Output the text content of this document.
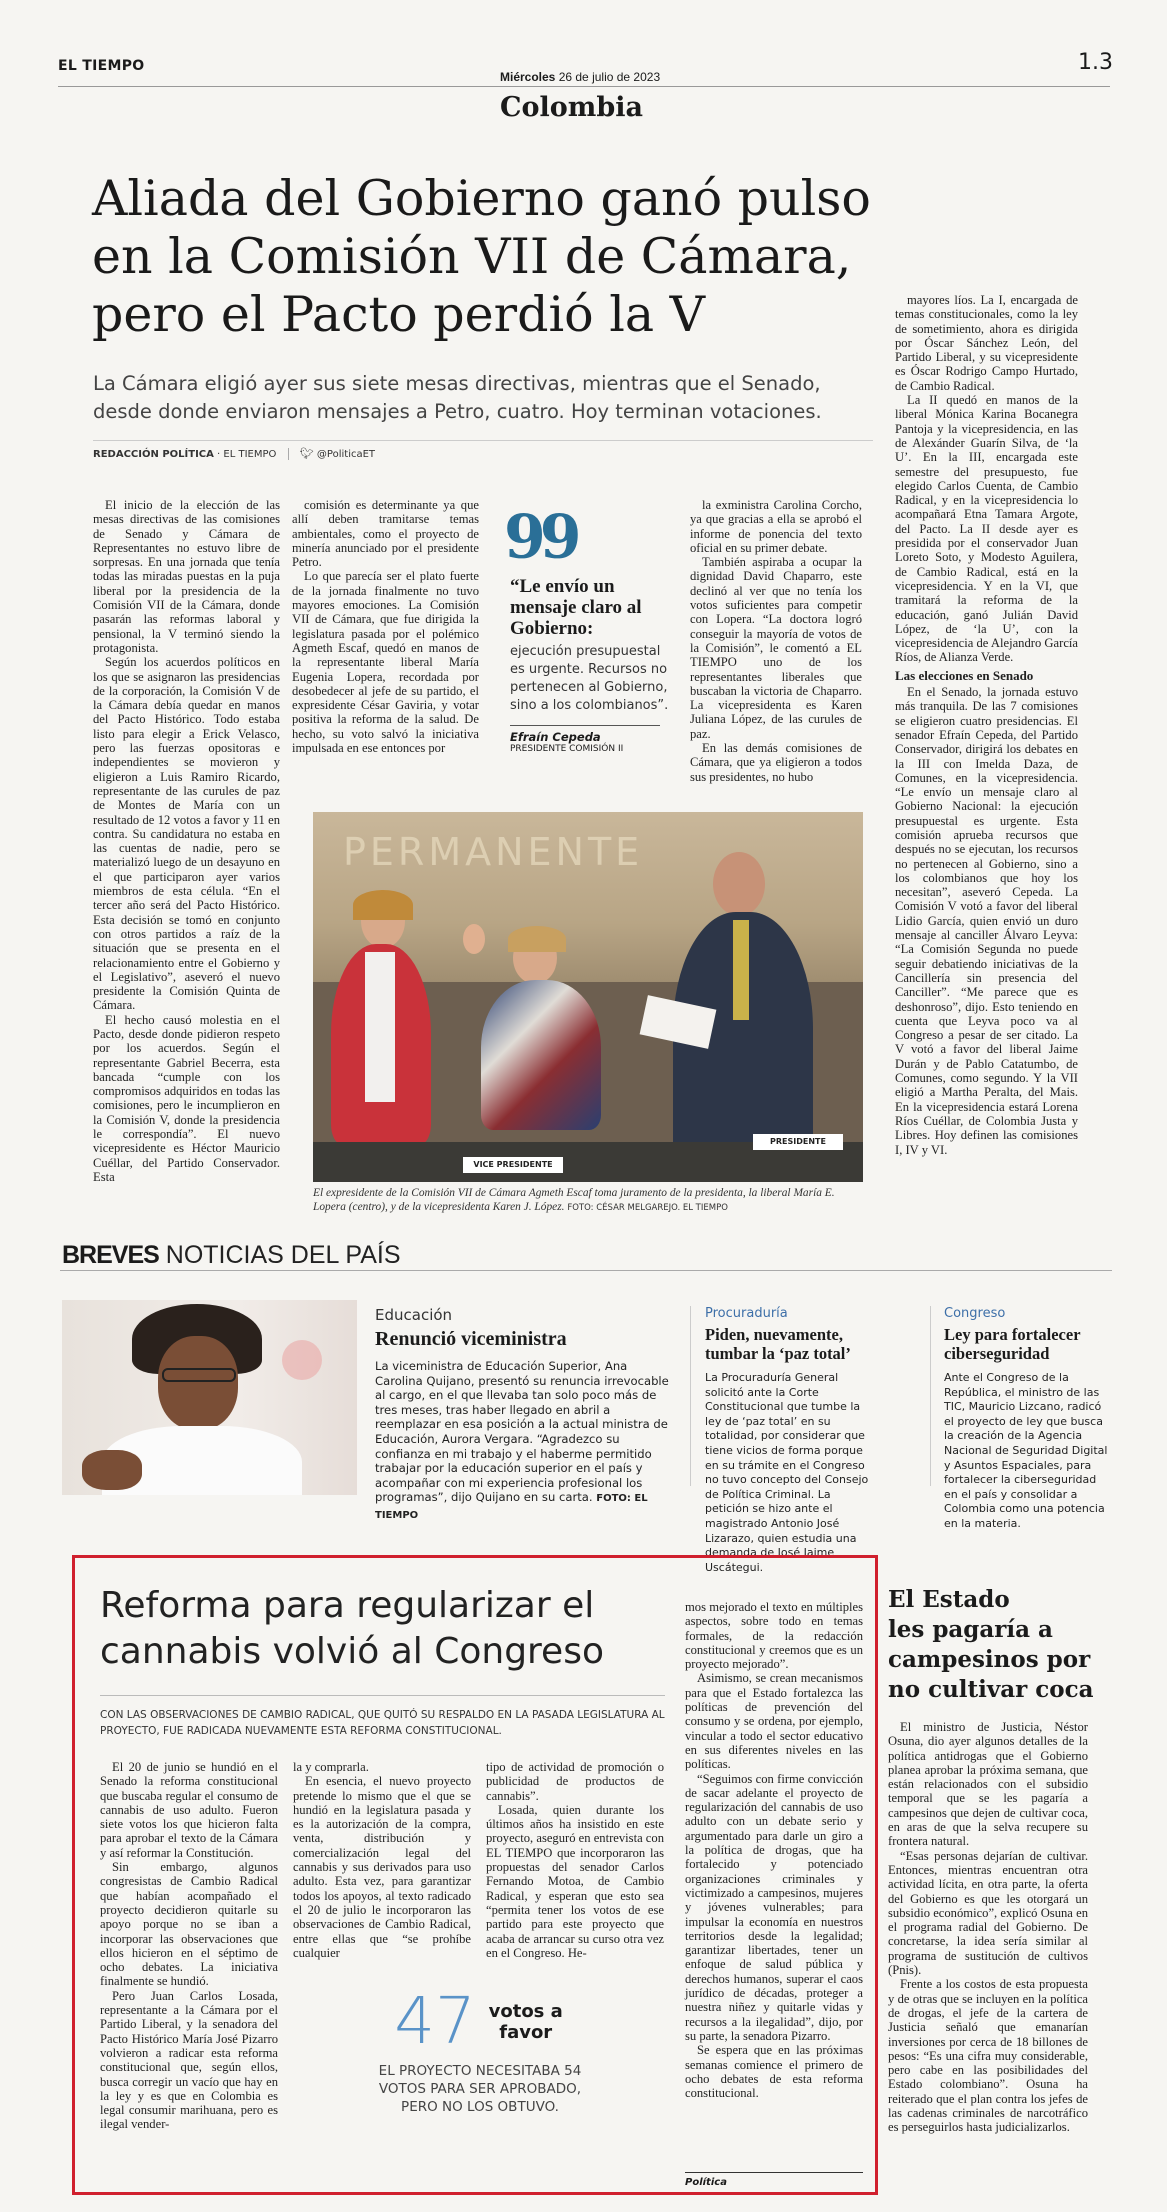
EL TIEMPO
Miércoles 26 de julio de 2023
1.3
Colombia
Aliada del Gobierno ganó pulso
en la Comisión VII de Cámara,
pero el Pacto perdió la V
La Cámara eligió ayer sus siete mesas directivas, mientras que el Senado,
desde donde enviaron mensajes a Petro, cuatro. Hoy terminan votaciones.
REDACCIÓN POLÍTICA · EL TIEMPO 🐦︎ @PoliticaET

El inicio de la elección de las mesas directivas de las comisiones de Senado y Cámara de Representantes no estuvo libre de sorpresas. En una jornada que tenía todas las miradas puestas en la puja liberal por la presidencia de la Comisión VII de la Cámara, donde pasarán las reformas laboral y pensional, la V terminó siendo la protagonista.

Según los acuerdos políticos en los que se asignaron las presidencias de la corporación, la Comisión V de la Cámara debía quedar en manos del Pacto Histórico. Todo estaba listo para elegir a Erick Velasco, pero las fuerzas opositoras e independientes se movieron y eligieron a Luis Ramiro Ricardo, representante de las curules de paz de Montes de María con un resultado de 12 votos a favor y 11 en contra. Su candidatura no estaba en las cuentas de nadie, pero se materializó luego de un desayuno en el que participaron ayer varios miembros de esta célula. “En el tercer año será del Pacto Histórico. Esta decisión se tomó en conjunto con otros partidos a raíz de la situación que se presenta en el relacionamiento entre el Gobierno y el Legislativo”, aseveró el nuevo presidente la Comisión Quinta de Cámara.

El hecho causó molestia en el Pacto, desde donde pidieron respeto por los acuerdos. Según el representante Gabriel Becerra, esta bancada “cumple con los compromisos adquiridos en todas las comisiones, pero le incumplieron en la Comisión V, donde la presidencia le correspondía”. El nuevo vicepresidente es Héctor Mauricio Cuéllar, del Partido Conservador. Esta

comisión es determinante ya que allí deben tramitarse temas ambientales, como el proyecto de minería anunciado por el presidente Petro.

Lo que parecía ser el plato fuerte de la jornada finalmente no tuvo mayores emociones. La Comisión VII de Cámara, que fue dirigida la legislatura pasada por el polémico Agmeth Escaf, quedó en manos de la representante liberal María Eugenia Lopera, recordada por desobedecer al jefe de su partido, el expresidente César Gaviria, y votar positiva la reforma de la salud. De hecho, su voto salvó la iniciativa impulsada en ese entonces por

66
“Le envío un mensaje claro al Gobierno:
ejecución presupuestal es urgente. Recursos no pertenecen al Gobierno, sino a los colombianos”.
Efraín Cepeda
PRESIDENTE COMISIÓN II

la exministra Carolina Corcho, ya que gracias a ella se aprobó el informe de ponencia del texto oficial en su primer debate.

También aspiraba a ocupar la dignidad David Chaparro, este declinó al ver que no tenía los votos suficientes para competir con Lopera. “La doctora logró conseguir la mayoría de votos de la Comisión”, le comentó a EL TIEMPO uno de los representantes liberales que buscaban la victoria de Chaparro. La vicepresidenta es Karen Juliana López, de las curules de paz.

En las demás comisiones de Cámara, que ya eligieron a todos sus presidentes, no hubo

mayores líos. La I, encargada de temas constitucionales, como la ley de sometimiento, ahora es dirigida por Óscar Sánchez León, del Partido Liberal, y su vicepresidente es Óscar Rodrigo Campo Hurtado, de Cambio Radical.

La II quedó en manos de la liberal Mónica Karina Bocanegra Pantoja y la vicepresidencia, en las de Alexánder Guarín Silva, de ‘la U’. En la III, encargada este semestre del presupuesto, fue elegido Carlos Cuenta, de Cambio Radical, y en la vicepresidencia lo acompañará Etna Tamara Argote, del Pacto. La II desde ayer es presidida por el conservador Juan Loreto Soto, y Modesto Aguilera, de Cambio Radical, está en la vicepresidencia. Y en la VI, que tramitará la reforma de la educación, ganó Julián David López, de ‘la U’, con la vicepresidencia de Alejandro García Ríos, de Alianza Verde.

Las elecciones en Senado

En el Senado, la jornada estuvo más tranquila. De las 7 comisiones se eligieron cuatro presidencias. El senador Efraín Cepeda, del Partido Conservador, dirigirá los debates en la III con Imelda Daza, de Comunes, en la vicepresidencia. “Le envío un mensaje claro al Gobierno Nacional: la ejecución presupuestal es urgente. Esta comisión aprueba recursos que después no se ejecutan, los recursos no pertenecen al Gobierno, sino a los colombianos que hoy los necesitan”, aseveró Cepeda. La Comisión V votó a favor del liberal Lidio García, quien envió un duro mensaje al canciller Álvaro Leyva: “La Comisión Segunda no puede seguir debatiendo iniciativas de la Cancillería sin presencia del Canciller”. “Me parece que es deshonroso”, dijo. Esto teniendo en cuenta que Leyva poco va al Congreso a pesar de ser citado. La V votó a favor del liberal Jaime Durán y de Pablo Catatumbo, de Comunes, como segundo. Y la VII eligió a Martha Peralta, del Mais. En la vicepresidencia estará Lorena Ríos Cuéllar, de Colombia Justa y Libres. Hoy definen las comisiones I, IV y VI.

PERMANENTE
VICE PRESIDENTE
PRESIDENTE
El expresidente de la Comisión VII de Cámara Agmeth Escaf toma juramento de la presidenta, la liberal María E. Lopera (centro), y de la vicepresidenta Karen J. López. FOTO: CÉSAR MELGAREJO. EL TIEMPO
BREVES NOTICIAS DEL PAÍS
Educación
Renunció viceministra
La viceministra de Educación Superior, Ana Carolina Quijano, presentó su renuncia irrevocable al cargo, en el que llevaba tan solo poco más de tres meses, tras haber llegado en abril a reemplazar en esa posición a la actual ministra de Educación, Aurora Vergara. “Agradezco su confianza en mi trabajo y el haberme permitido trabajar por la educación superior en el país y acompañar con mi experiencia profesional los programas”, dijo Quijano en su carta. FOTO: EL TIEMPO
Procuraduría
Piden, nuevamente, tumbar la ‘paz total’
La Procuraduría General solicitó ante la Corte Constitucional que tumbe la ley de ‘paz total’ en su totalidad, por considerar que tiene vicios de forma porque en su trámite en el Congreso no tuvo concepto del Consejo de Política Criminal. La petición se hizo ante el magistrado Antonio José Lizarazo, quien estudia una demanda de José Jaime Uscátegui.
Congreso
Ley para fortalecer ciberseguridad
Ante el Congreso de la República, el ministro de las TIC, Mauricio Lizcano, radicó el proyecto de ley que busca la creación de la Agencia Nacional de Seguridad Digital y Asuntos Espaciales, para fortalecer la ciberseguridad en el país y consolidar a Colombia como una potencia en la materia.
Reforma para regularizar el
cannabis volvió al Congreso
CON LAS OBSERVACIONES DE CAMBIO RADICAL, QUE QUITÓ SU RESPALDO EN LA PASADA LEGISLATURA AL PROYECTO, FUE RADICADA NUEVAMENTE ESTA REFORMA CONSTITUCIONAL.

El 20 de junio se hundió en el Senado la reforma constitucional que buscaba regular el consumo de cannabis de uso adulto. Fueron siete votos los que hicieron falta para aprobar el texto de la Cámara y así reformar la Constitución.

Sin embargo, algunos congresistas de Cambio Radical que habían acompañado el proyecto decidieron quitarle su apoyo porque no se iban a incorporar las observaciones que ellos hicieron en el séptimo de ocho debates. La iniciativa finalmente se hundió.

Pero Juan Carlos Losada, representante a la Cámara por el Partido Liberal, y la senadora del Pacto Histórico María José Pizarro volvieron a radicar esta reforma constitucional que, según ellos, busca corregir un vacío que hay en la ley y es que en Colombia es legal consumir marihuana, pero es ilegal vender-

la y comprarla.

En esencia, el nuevo proyecto pretende lo mismo que el que se hundió en la legislatura pasada y es la autorización de la compra, venta, distribución y comercialización legal del cannabis y sus derivados para uso adulto. Esta vez, para garantizar todos los apoyos, al texto radicado el 20 de julio le incorporaron las observaciones de Cambio Radical, entre ellas que “se prohíbe cualquier

tipo de actividad de promoción o publicidad de productos de cannabis”.

Losada, quien durante los últimos años ha insistido en este proyecto, aseguró en entrevista con EL TIEMPO que incorporaron las propuestas del senador Carlos Fernando Motoa, de Cambio Radical, y esperan que esto sea “permita tener los votos de ese partido para este proyecto que acaba de arrancar su curso otra vez en el Congreso. He-

47 votos a favor
EL PROYECTO NECESITABA 54 VOTOS PARA SER APROBADO, PERO NO LOS OBTUVO.

mos mejorado el texto en múltiples aspectos, sobre todo en temas formales, de la redacción constitucional y creemos que es un proyecto mejorado”.

Asimismo, se crean mecanismos para que el Estado fortalezca las políticas de prevención del consumo y se ordena, por ejemplo, vincular a todo el sector educativo en sus diferentes niveles en las políticas.

“Seguimos con firme convicción de sacar adelante el proyecto de regularización del cannabis de uso adulto con un debate serio y argumentado para darle un giro a la política de drogas, que ha fortalecido y potenciado organizaciones criminales y victimizado a campesinos, mujeres y jóvenes vulnerables; para impulsar la economía en nuestros territorios desde la legalidad; garantizar libertades, tener un enfoque de salud pública y derechos humanos, superar el caos jurídico de décadas, proteger a nuestra niñez y quitarle vidas y recursos a la ilegalidad”, dijo, por su parte, la senadora Pizarro.

Se espera que en las próximas semanas comience el primero de ocho debates de esta reforma constitucional.

Política
El Estado
les pagaría a
campesinos por
no cultivar coca

El ministro de Justicia, Néstor Osuna, dio ayer algunos detalles de la política antidrogas que el Gobierno planea aprobar la próxima semana, que están relacionados con el subsidio temporal que se les pagaría a campesinos que dejen de cultivar coca, en aras de que la selva recupere su frontera natural.

“Esas personas dejarían de cultivar. Entonces, mientras encuentran otra actividad lícita, en otra parte, la oferta del Gobierno es que les otorgará un subsidio económico”, explicó Osuna en el programa radial del Gobierno. De concretarse, la idea sería similar al programa de sustitución de cultivos (Pnis).

Frente a los costos de esta propuesta y de otras que se incluyen en la política de drogas, el jefe de la cartera de Justicia señaló que emanarían inversiones por cerca de 18 billones de pesos: “Es una cifra muy considerable, pero cabe en las posibilidades del Estado colombiano”. Osuna ha reiterado que el plan contra los jefes de las cadenas criminales de narcotráfico es perseguirlos hasta judicializarlos.
